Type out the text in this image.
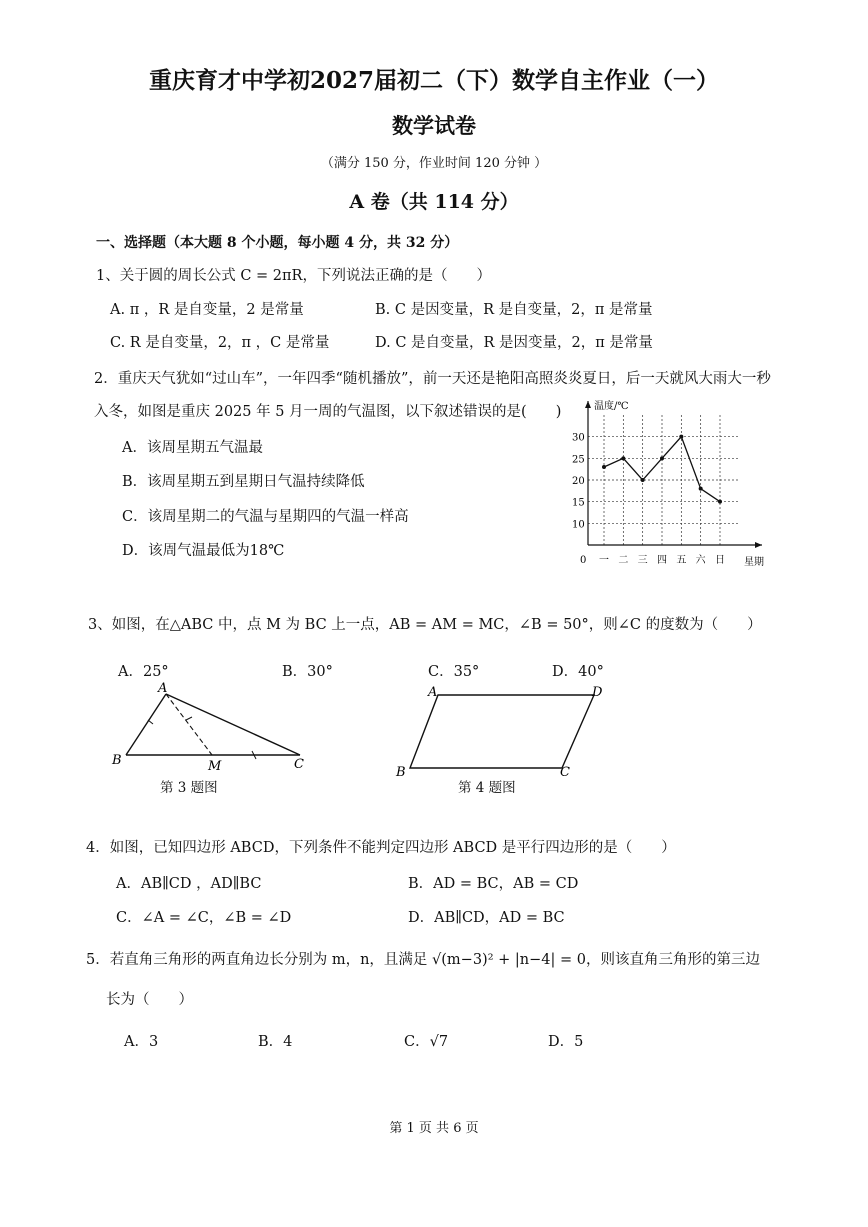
重庆育才中学初2027届初二（下）数学自主作业（一）
数学试卷
（满分 150 分，作业时间 120 分钟 ）
A 卷（共 114 分）
一、选择题（本大题 8 个小题，每小题 4 分，共 32 分）
1、关于圆的周长公式 C = 2πR，下列说法正确的是（　　）
A. π ，R 是自变量，2 是常量	B. C 是因变量，R 是自变量，2，π 是常量
C. R 是自变量，2，π ，C 是常量	D. C 是自变量，R 是因变量，2，π 是常量
2．重庆天气犹如“过山车”，一年四季“随机播放”，前一天还是艳阳高照炎炎夏日，后一天就风大雨大一秒
入冬，如图是重庆 2025 年 5 月一周的气温图，以下叙述错误的是(　　)
A．该周星期五气温最
B．该周星期五到星期日气温持续降低
C．该周星期二的气温与星期四的气温一样高
D．该周气温最低为18℃
温度/℃
星期
0
10
15
20
25
30
一 二 三 四 五 六 日
3、如图，在△ABC 中，点 M 为 BC 上一点，AB = AM = MC，∠B = 50°，则∠C 的度数为（　　）
A．25°	B．30°	C．35°	D．40°
A
B	M	C
第 3 题图
A	D
B	C
第 4 题图
4．如图，已知四边形 ABCD，下列条件不能判定四边形 ABCD 是平行四边形的是（　　）
A．AB∥CD ，AD∥BC	B．AD = BC，AB = CD
C．∠A = ∠C，∠B = ∠D	D．AB∥CD，AD = BC
5．若直角三角形的两直角边长分别为 m，n，且满足 √(m−3)² + |n−4| = 0，则该直角三角形的第三边
长为（　　）
A．3	B．4	C．√7	D．5
第 1 页 共 6 页
